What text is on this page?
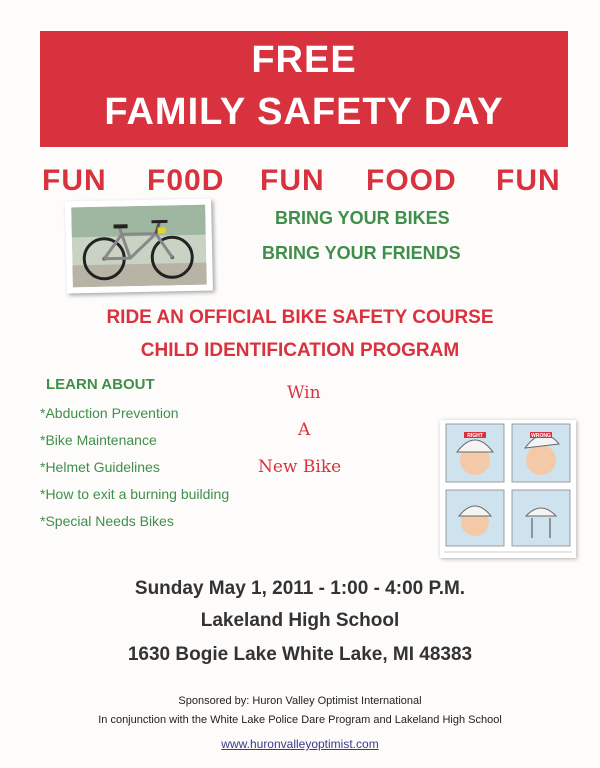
FREE
FAMILY SAFETY DAY
FUN F00D FUN FOOD FUN
BRING YOUR BIKES
BRING YOUR FRIENDS
RIDE AN OFFICIAL BIKE SAFETY COURSE
CHILD IDENTIFICATION PROGRAM
LEARN ABOUT
*Abduction Prevention
*Bike Maintenance
*Helmet Guidelines
*How to exit a burning building
*Special Needs Bikes
Win
A
New Bike
RIGHT	WRONG
Sunday May 1, 2011 - 1:00 - 4:00 P.M.
Lakeland High School
1630 Bogie Lake White Lake, MI 48383
Sponsored by: Huron Valley Optimist International
In conjunction with the White Lake Police Dare Program and Lakeland High School
www.huronvalleyoptimist.com
